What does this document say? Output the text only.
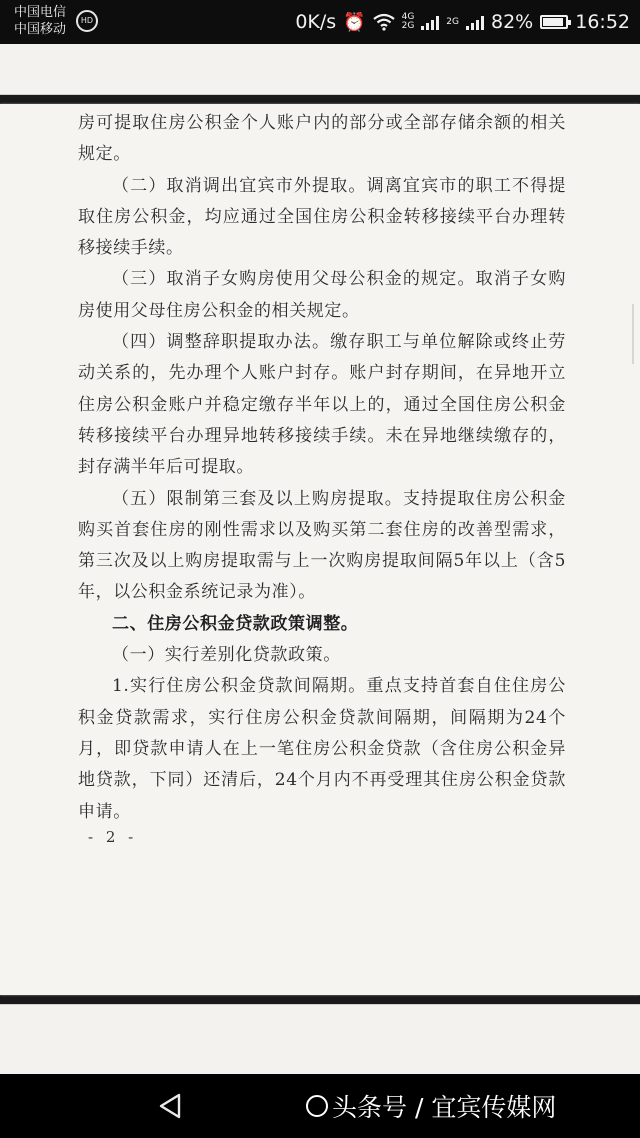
中国电信
中国移动
HD	0K/s ⏰	4G
2G	2G 82% 16:52

房可提取住房公积金个人账户内的部分或全部存储余额的相关规定。

（二）取消调出宜宾市外提取。调离宜宾市的职工不得提取住房公积金，均应通过全国住房公积金转移接续平台办理转移接续手续。

（三）取消子女购房使用父母公积金的规定。取消子女购房使用父母住房公积金的相关规定。

（四）调整辞职提取办法。缴存职工与单位解除或终止劳动关系的，先办理个人账户封存。账户封存期间，在异地开立住房公积金账户并稳定缴存半年以上的，通过全国住房公积金转移接续平台办理异地转移接续手续。未在异地继续缴存的，封存满半年后可提取。

（五）限制第三套及以上购房提取。支持提取住房公积金购买首套住房的刚性需求以及购买第二套住房的改善型需求，第三次及以上购房提取需与上一次购房提取间隔5年以上（含5年，以公积金系统记录为准）。

二、住房公积金贷款政策调整。

（一）实行差别化贷款政策。

1.实行住房公积金贷款间隔期。重点支持首套自住住房公积金贷款需求，实行住房公积金贷款间隔期，间隔期为24个月，即贷款申请人在上一笔住房公积金贷款（含住房公积金异地贷款，下同）还清后，24个月内不再受理其住房公积金贷款申请。

- 2 -
头条号 / 宜宾传媒网
